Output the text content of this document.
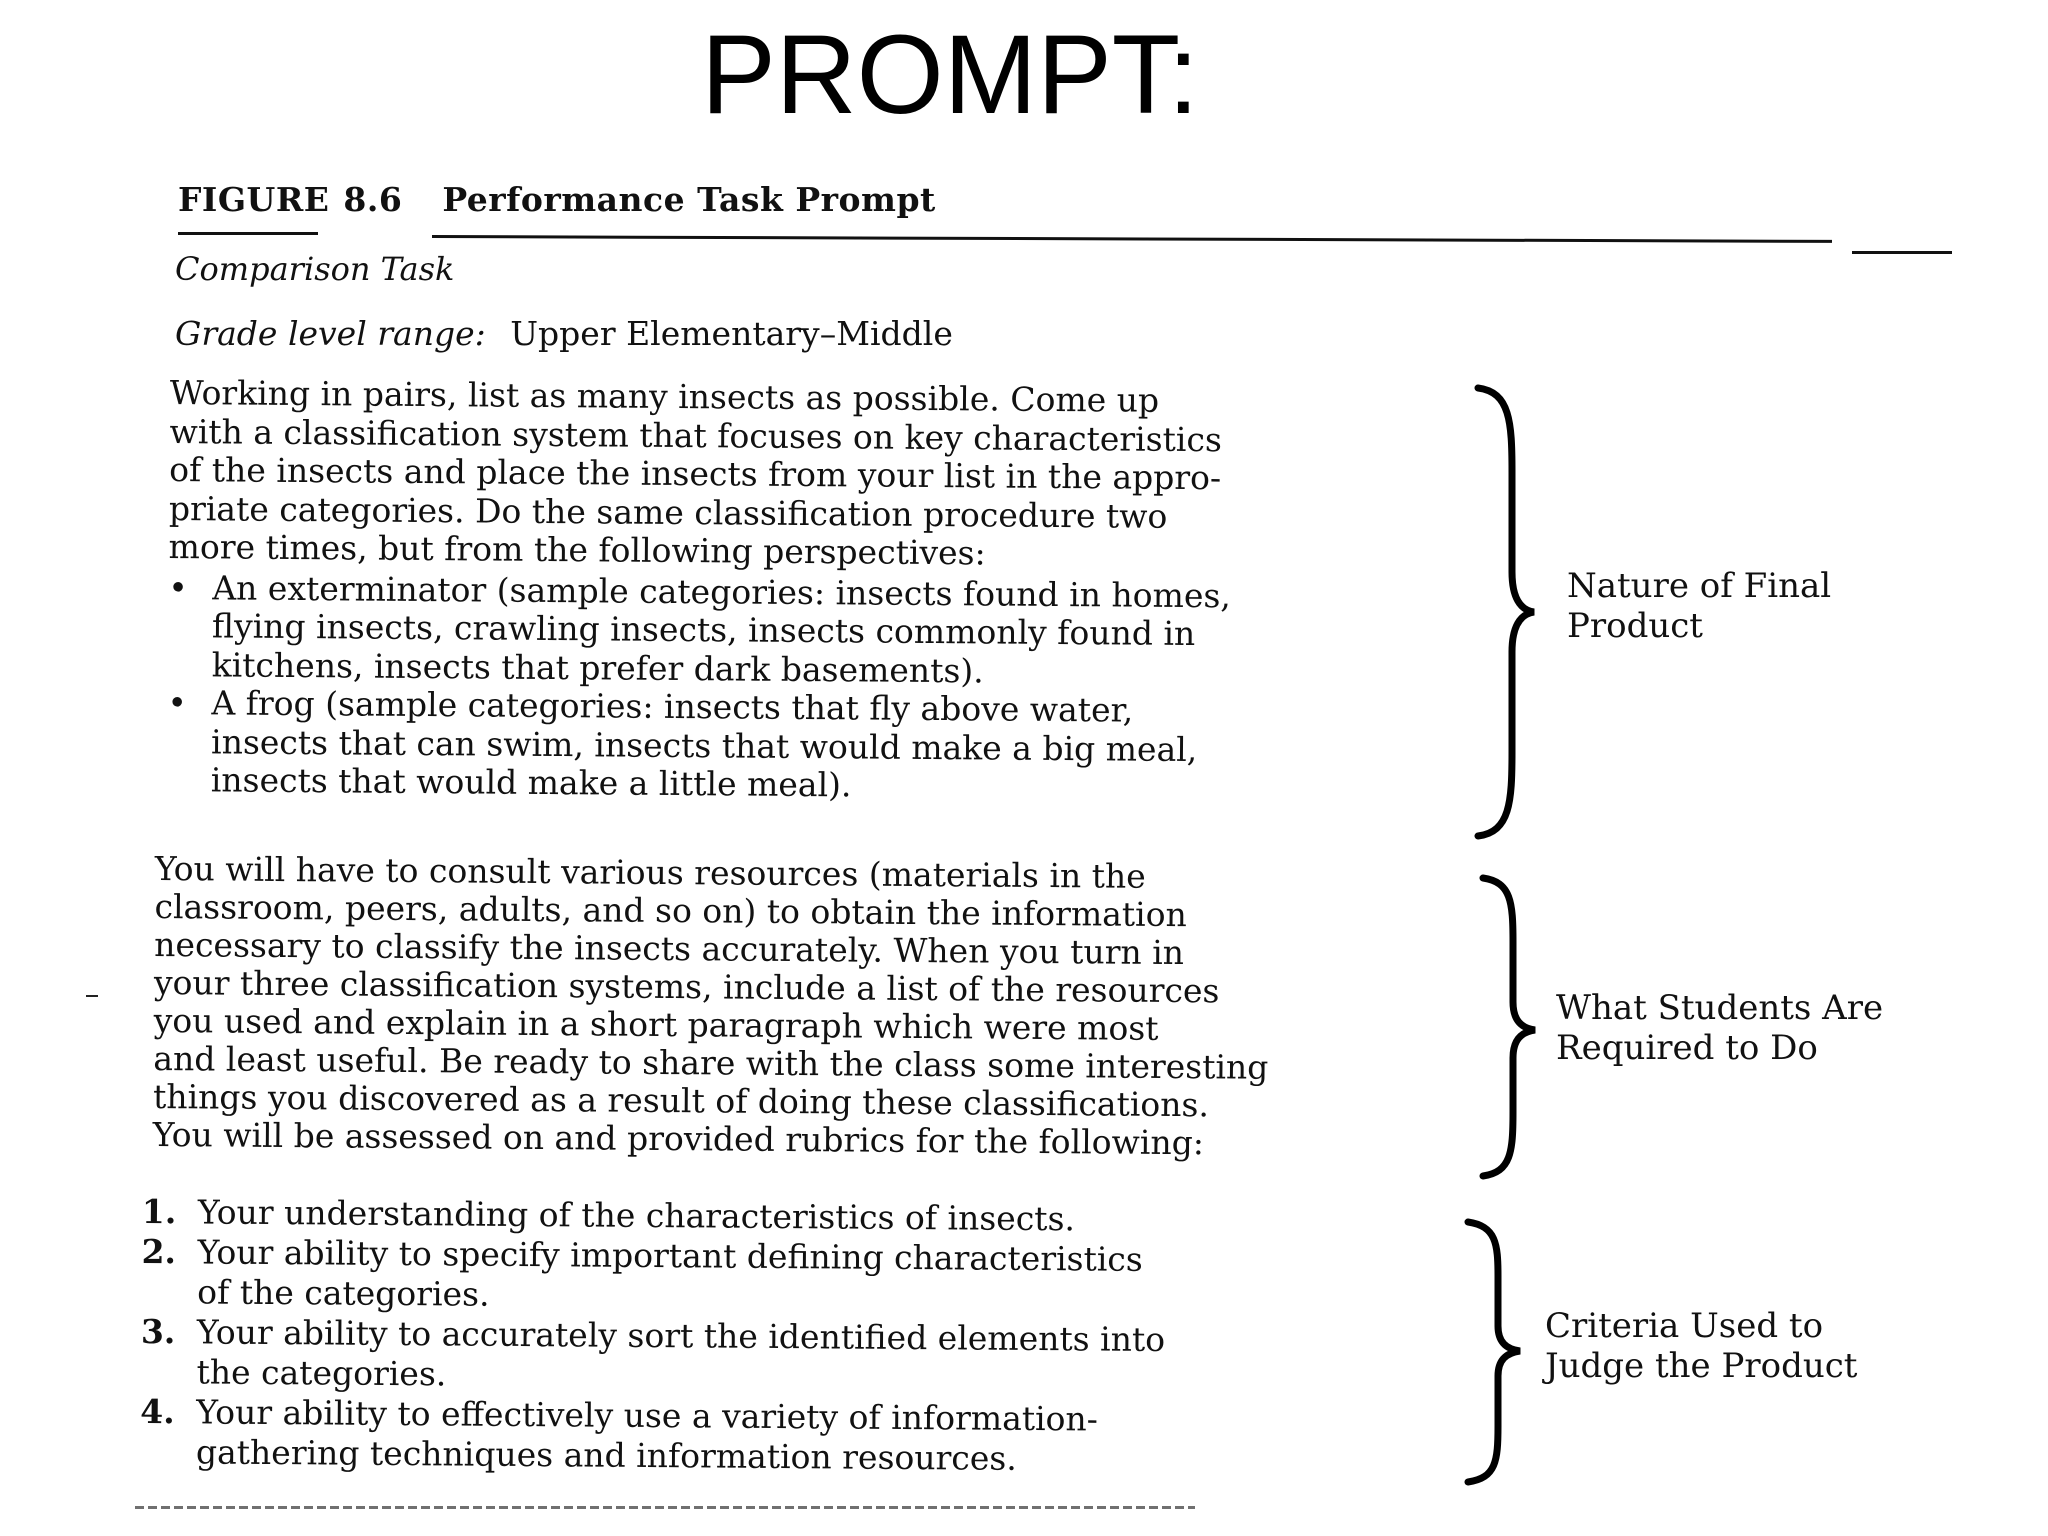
PROMPT:
FIGURE 8.6 Performance Task Prompt
Comparison Task
Grade level range: Upper Elementary–Middle

Working in pairs, list as many insects as possible. Come up

with a classification system that focuses on key characteristics

of the insects and place the insects from your list in the appro-

priate categories. Do the same classification procedure two

more times, but from the following perspectives:

• An exterminator (sample categories: insects found in homes,
flying insects, crawling insects, insects commonly found in
kitchens, insects that prefer dark basements).
• A frog (sample categories: insects that fly above water,
insects that can swim, insects that would make a big meal,
insects that would make a little meal).
Nature of Final
Product

You will have to consult various resources (materials in the

classroom, peers, adults, and so on) to obtain the information

necessary to classify the insects accurately. When you turn in

your three classification systems, include a list of the resources

you used and explain in a short paragraph which were most

and least useful. Be ready to share with the class some interesting

things you discovered as a result of doing these classifications.

You will be assessed on and provided rubrics for the following:

What Students Are
Required to Do
1. Your understanding of the characteristics of insects.
2. Your ability to specify important defining characteristics
of the categories.
3. Your ability to accurately sort the identified elements into
the categories.
4. Your ability to effectively use a variety of information-
gathering techniques and information resources.
Criteria Used to
Judge the Product
